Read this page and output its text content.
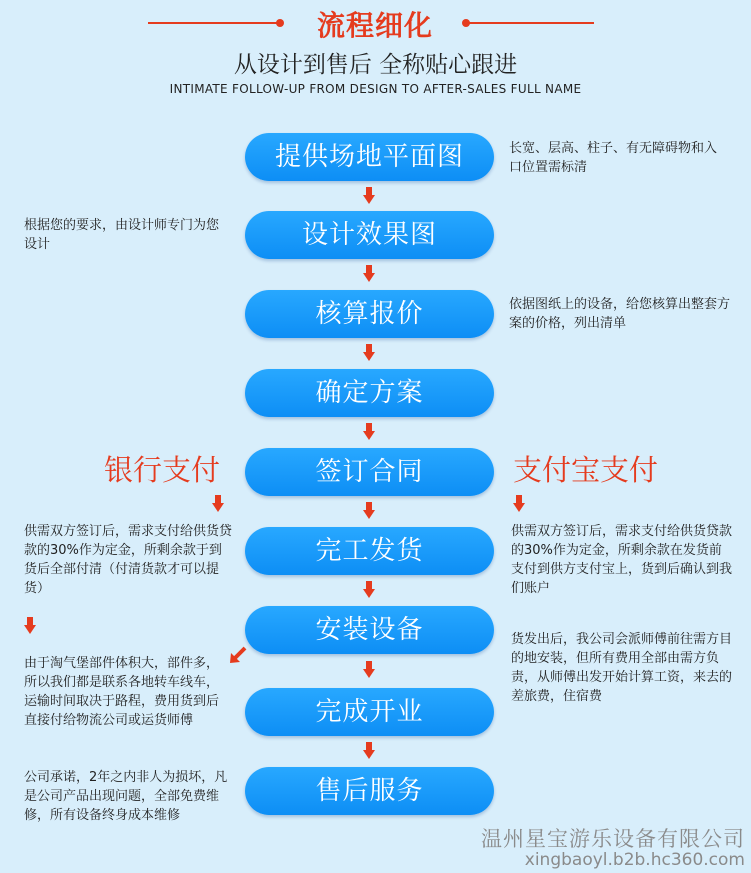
流程细化
从设计到售后 全称贴心跟进
INTIMATE FOLLOW-UP FROM DESIGN TO AFTER-SALES FULL NAME
提供场地平面图
设计效果图
核算报价
确定方案
签订合同
完工发货
安装设备
完成开业
售后服务
长宽、层高、柱子、有无障碍物和入口位置需标清
根据您的要求，由设计师专门为您设计
依据图纸上的设备，给您核算出整套方案的价格，列出清单
银行支付	支付宝支付
供需双方签订后，需求支付给供货贷款的30%作为定金，所剩余款于到货后全部付清（付清货款才可以提货）
供需双方签订后，需求支付给供货贷款的30%作为定金，所剩余款在发货前支付到供方支付宝上，货到后确认到我们账户
由于淘气堡部件体积大，部件多，所以我们都是联系各地转车线车，运输时间取决于路程，费用货到后直接付给物流公司或运货师傅
货发出后，我公司会派师傅前往需方目的地安装，但所有费用全部由需方负责，从师傅出发开始计算工资，来去的差旅费，住宿费
公司承诺，2年之内非人为损坏，凡是公司产品出现问题，全部免费维修，所有设备终身成本维修
温州星宝游乐设备有限公司
xingbaoyl.b2b.hc360.com
